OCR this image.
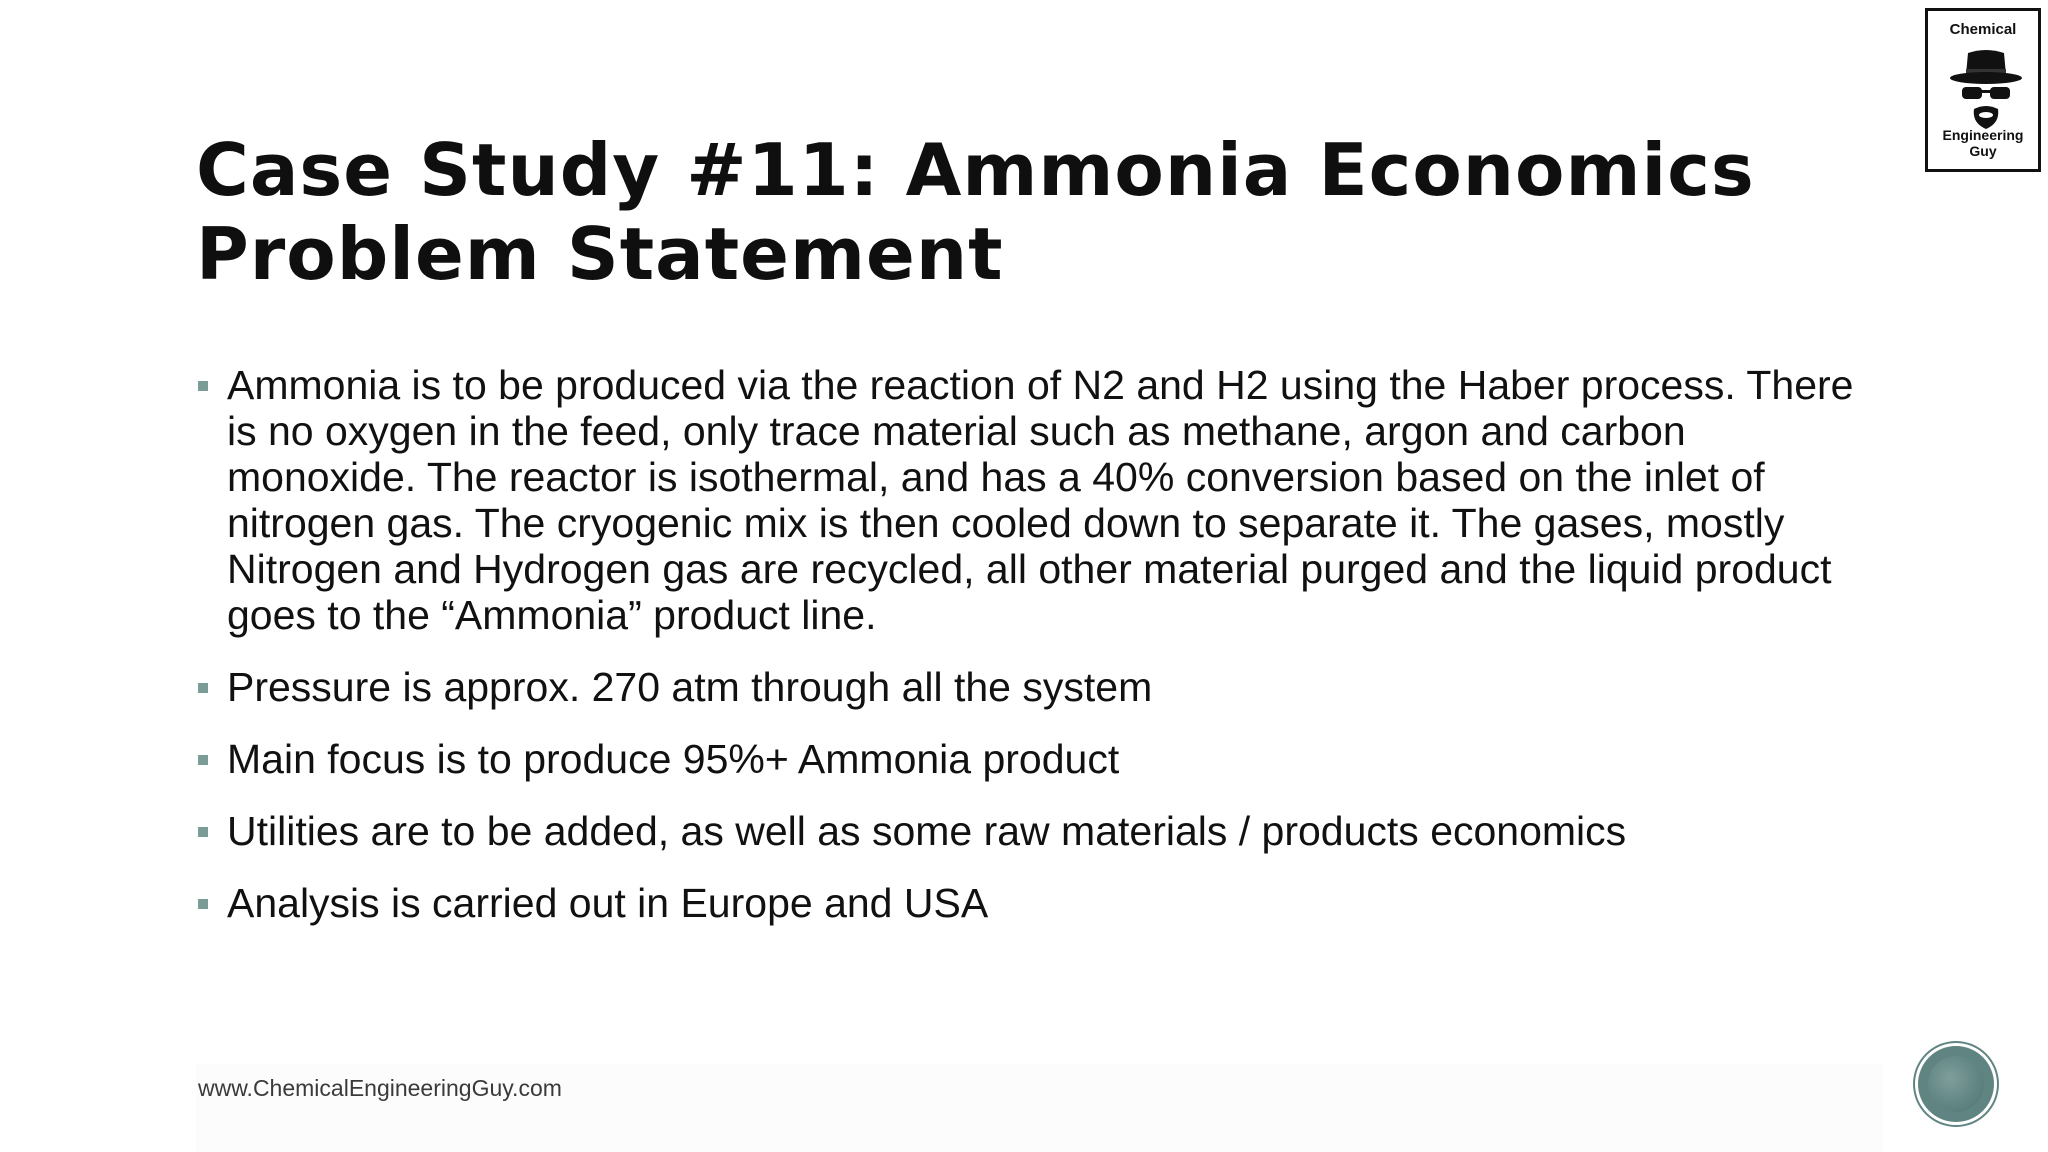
Case Study #11: Ammonia Economics
Problem Statement
Ammonia is to be produced via the reaction of N2 and H2 using the Haber process. There is no oxygen in the feed, only trace material such as methane, argon and carbon monoxide. The reactor is isothermal, and has a 40% conversion based on the inlet of nitrogen gas. The cryogenic mix is then cooled down to separate it. The gases, mostly Nitrogen and Hydrogen gas are recycled, all other material purged and the liquid product goes to the “Ammonia” product line.
Pressure is approx. 270 atm through all the system
Main focus is to produce 95%+ Ammonia product
Utilities are to be added, as well as some raw materials / products economics
Analysis is carried out in Europe and USA
www.ChemicalEngineeringGuy.com
Chemical
Engineering Guy
